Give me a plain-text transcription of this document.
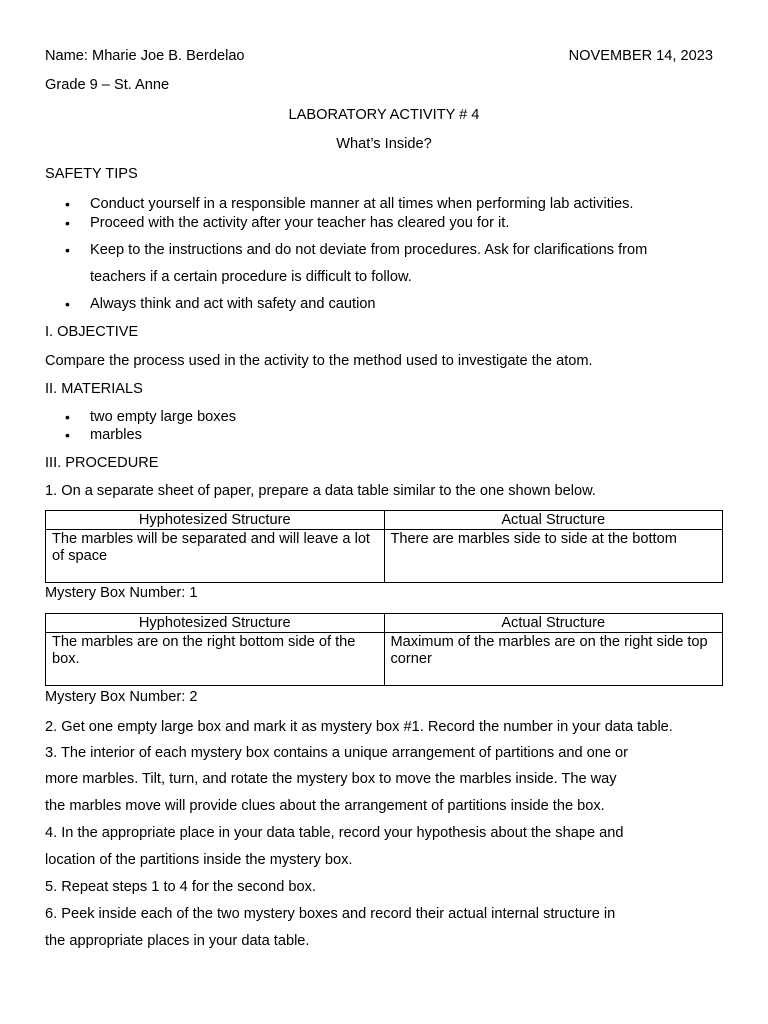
Name: Mharie Joe B. Berdelao	NOVEMBER 14, 2023
Grade 9 – St. Anne
LABORATORY ACTIVITY # 4
What’s Inside?
SAFETY TIPS
• Conduct yourself in a responsible manner at all times when performing lab activities.
• Proceed with the activity after your teacher has cleared you for it.
• Keep to the instructions and do not deviate from procedures. Ask for clarifications from
teachers if a certain procedure is difficult to follow.
• Always think and act with safety and caution
I. OBJECTIVE
Compare the process used in the activity to the method used to investigate the atom.
II. MATERIALS
• two empty large boxes
• marbles
III. PROCEDURE
1. On a separate sheet of paper, prepare a data table similar to the one shown below.
Hyphotesized Structure	Actual Structure
The marbles will be separated and will leave a lot of space	There are marbles side to side at the bottom
Mystery Box Number: 1
Hyphotesized Structure	Actual Structure
The marbles are on the right bottom side of the box.	Maximum of the marbles are on the right side top corner
Mystery Box Number: 2
2. Get one empty large box and mark it as mystery box #1. Record the number in your data table.
3. The interior of each mystery box contains a unique arrangement of partitions and one or
more marbles. Tilt, turn, and rotate the mystery box to move the marbles inside. The way
the marbles move will provide clues about the arrangement of partitions inside the box.
4. In the appropriate place in your data table, record your hypothesis about the shape and
location of the partitions inside the mystery box.
5. Repeat steps 1 to 4 for the second box.
6. Peek inside each of the two mystery boxes and record their actual internal structure in
the appropriate places in your data table.
